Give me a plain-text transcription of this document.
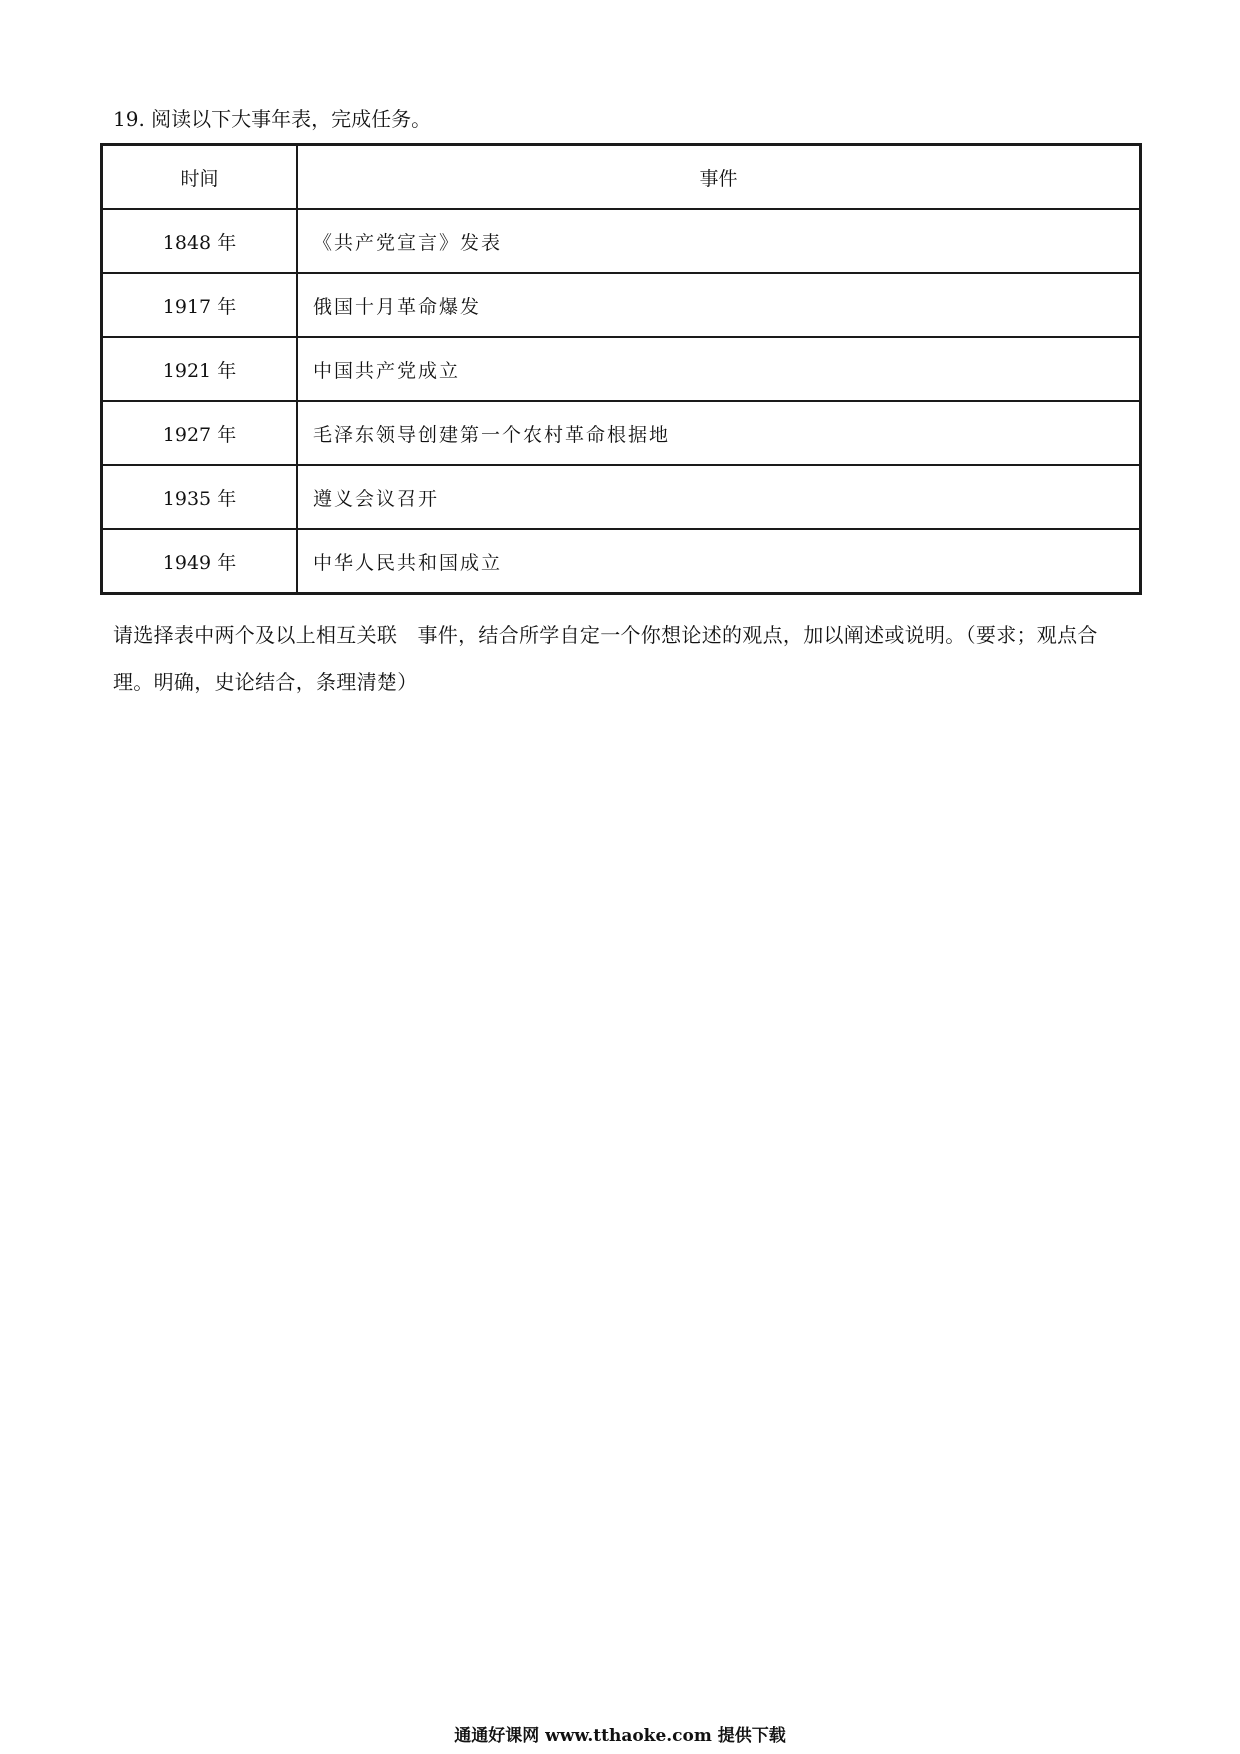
19. 阅读以下大事年表，完成任务。
时间	事件
1848 年	《共产党宣言》发表
1917 年	俄国十月革命爆发
1921 年	中国共产党成立
1927 年	毛泽东领导创建第一个农村革命根据地
1935 年	遵义会议召开
1949 年	中华人民共和国成立
请选择表中两个及以上相互关联　事件，结合所学自定一个你想论述的观点，加以阐述或说明。（要求；观点合理。明确，史论结合，条理清楚）
通通好课网 www.tthaoke.com 提供下载
